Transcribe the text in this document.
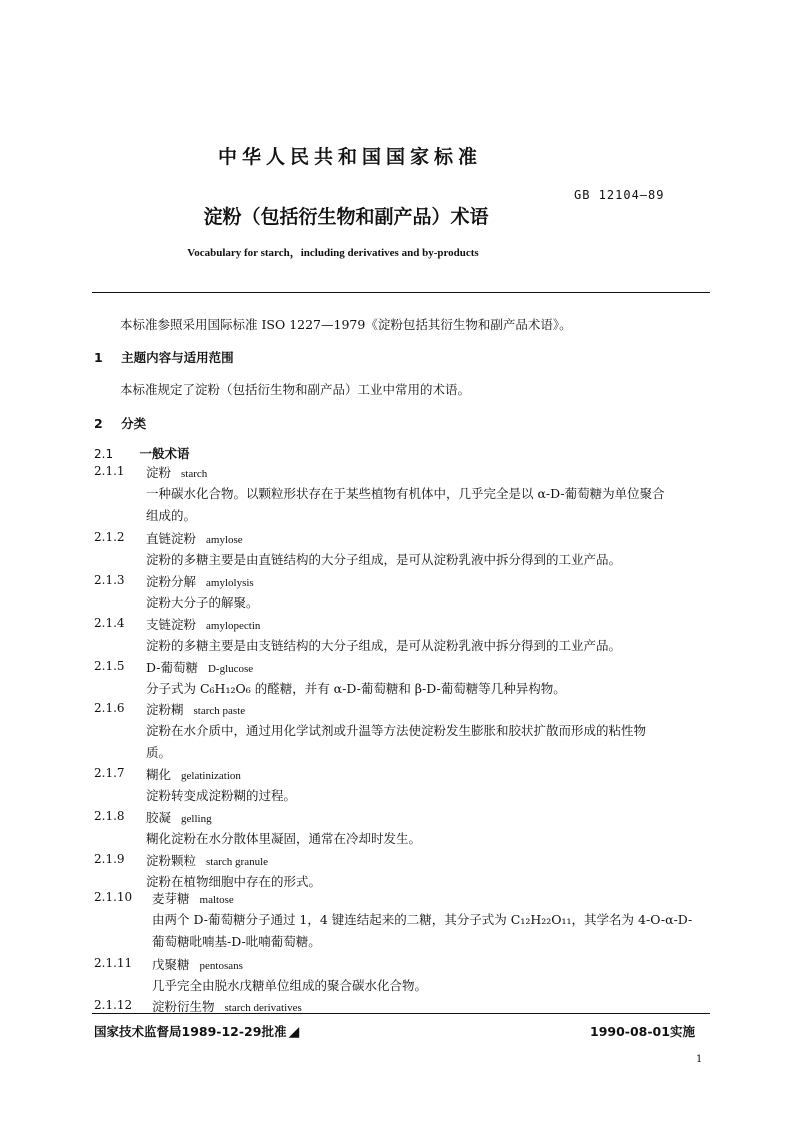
中华人民共和国国家标准
GB 12104—89
淀粉（包括衍生物和副产品）术语
Vocabulary for starch，including derivatives and by-products
本标准参照采用国际标准 ISO 1227—1979《淀粉包括其衍生物和副产品术语》。
1 主题内容与适用范围
本标准规定了淀粉（包括衍生物和副产品）工业中常用的术语。
2 分类
2.1 一般术语
2.1.1 淀粉 starch
一种碳水化合物。以颗粒形状存在于某些植物有机体中，几乎完全是以 α-D-葡萄糖为单位聚合
组成的。
2.1.2 直链淀粉 amylose
淀粉的多糖主要是由直链结构的大分子组成，是可从淀粉乳液中拆分得到的工业产品。
2.1.3 淀粉分解 amylolysis
淀粉大分子的解聚。
2.1.4 支链淀粉 amylopectin
淀粉的多糖主要是由支链结构的大分子组成，是可从淀粉乳液中拆分得到的工业产品。
2.1.5 D-葡萄糖 D-glucose
分子式为 C₆H₁₂O₆ 的醛糖，并有 α-D-葡萄糖和 β-D-葡萄糖等几种异构物。
2.1.6 淀粉糊 starch paste
淀粉在水介质中，通过用化学试剂或升温等方法使淀粉发生膨胀和胶状扩散而形成的粘性物
质。
2.1.7 糊化 gelatinization
淀粉转变成淀粉糊的过程。
2.1.8 胶凝 gelling
糊化淀粉在水分散体里凝固，通常在冷却时发生。
2.1.9 淀粉颗粒 starch granule
淀粉在植物细胞中存在的形式。
2.1.10 麦芽糖 maltose
由两个 D-葡萄糖分子通过 1，4 键连结起来的二糖，其分子式为 C₁₂H₂₂O₁₁，其学名为 4-O-α-D-
葡萄糖吡喃基-D-吡喃葡萄糖。
2.1.11 戊聚糖 pentosans
几乎完全由脱水戊糖单位组成的聚合碳水化合物。
2.1.12 淀粉衍生物 starch derivatives
国家技术监督局1989-12-29批准 ◢	1990-08-01实施
1
